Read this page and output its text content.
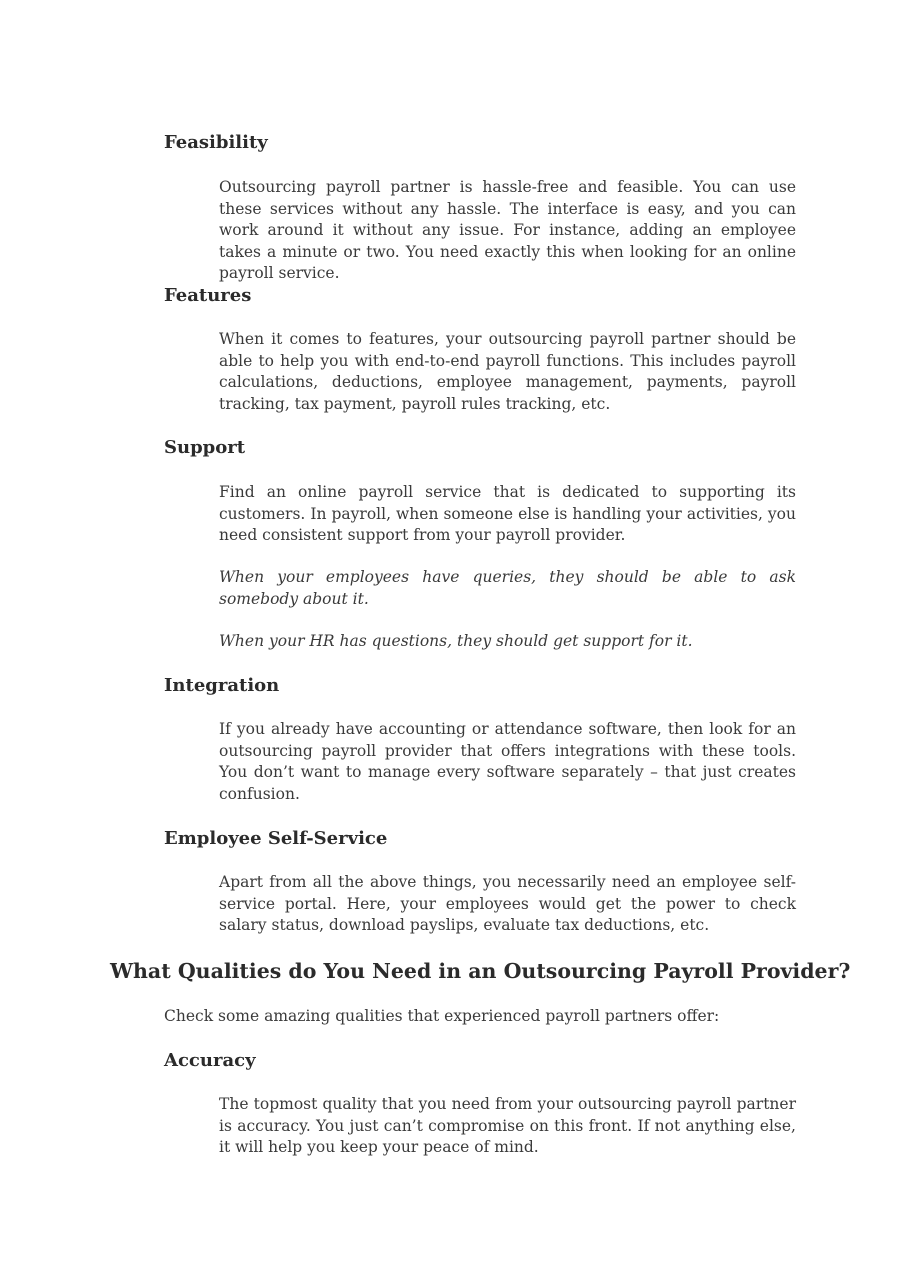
Feasibility

Outsourcing payroll partner is hassle-free and feasible. You can use these services without any hassle. The interface is easy, and you can work around it without any issue. For instance, adding an employee takes a minute or two. You need exactly this when looking for an online payroll service.

Features

When it comes to features, your outsourcing payroll partner should be able to help you with end-to-end payroll functions. This includes payroll calculations, deductions, employee management, payments, payroll tracking, tax payment, payroll rules tracking, etc.

Support

Find an online payroll service that is dedicated to supporting its customers. In payroll, when someone else is handling your activities, you need consistent support from your payroll provider.

When your employees have queries, they should be able to ask somebody about it.

When your HR has questions, they should get support for it.

Integration

If you already have accounting or attendance software, then look for an outsourcing payroll provider that offers integrations with these tools. You don’t want to manage every software separately – that just creates confusion.

Employee Self-Service

Apart from all the above things, you necessarily need an employee self-service portal. Here, your employees would get the power to check salary status, download payslips, evaluate tax deductions, etc.

What Qualities do You Need in an Outsourcing Payroll Provider?

Check some amazing qualities that experienced payroll partners offer:

Accuracy

The topmost quality that you need from your outsourcing payroll partner is accuracy. You just can’t compromise on this front. If not anything else, it will help you keep your peace of mind.
